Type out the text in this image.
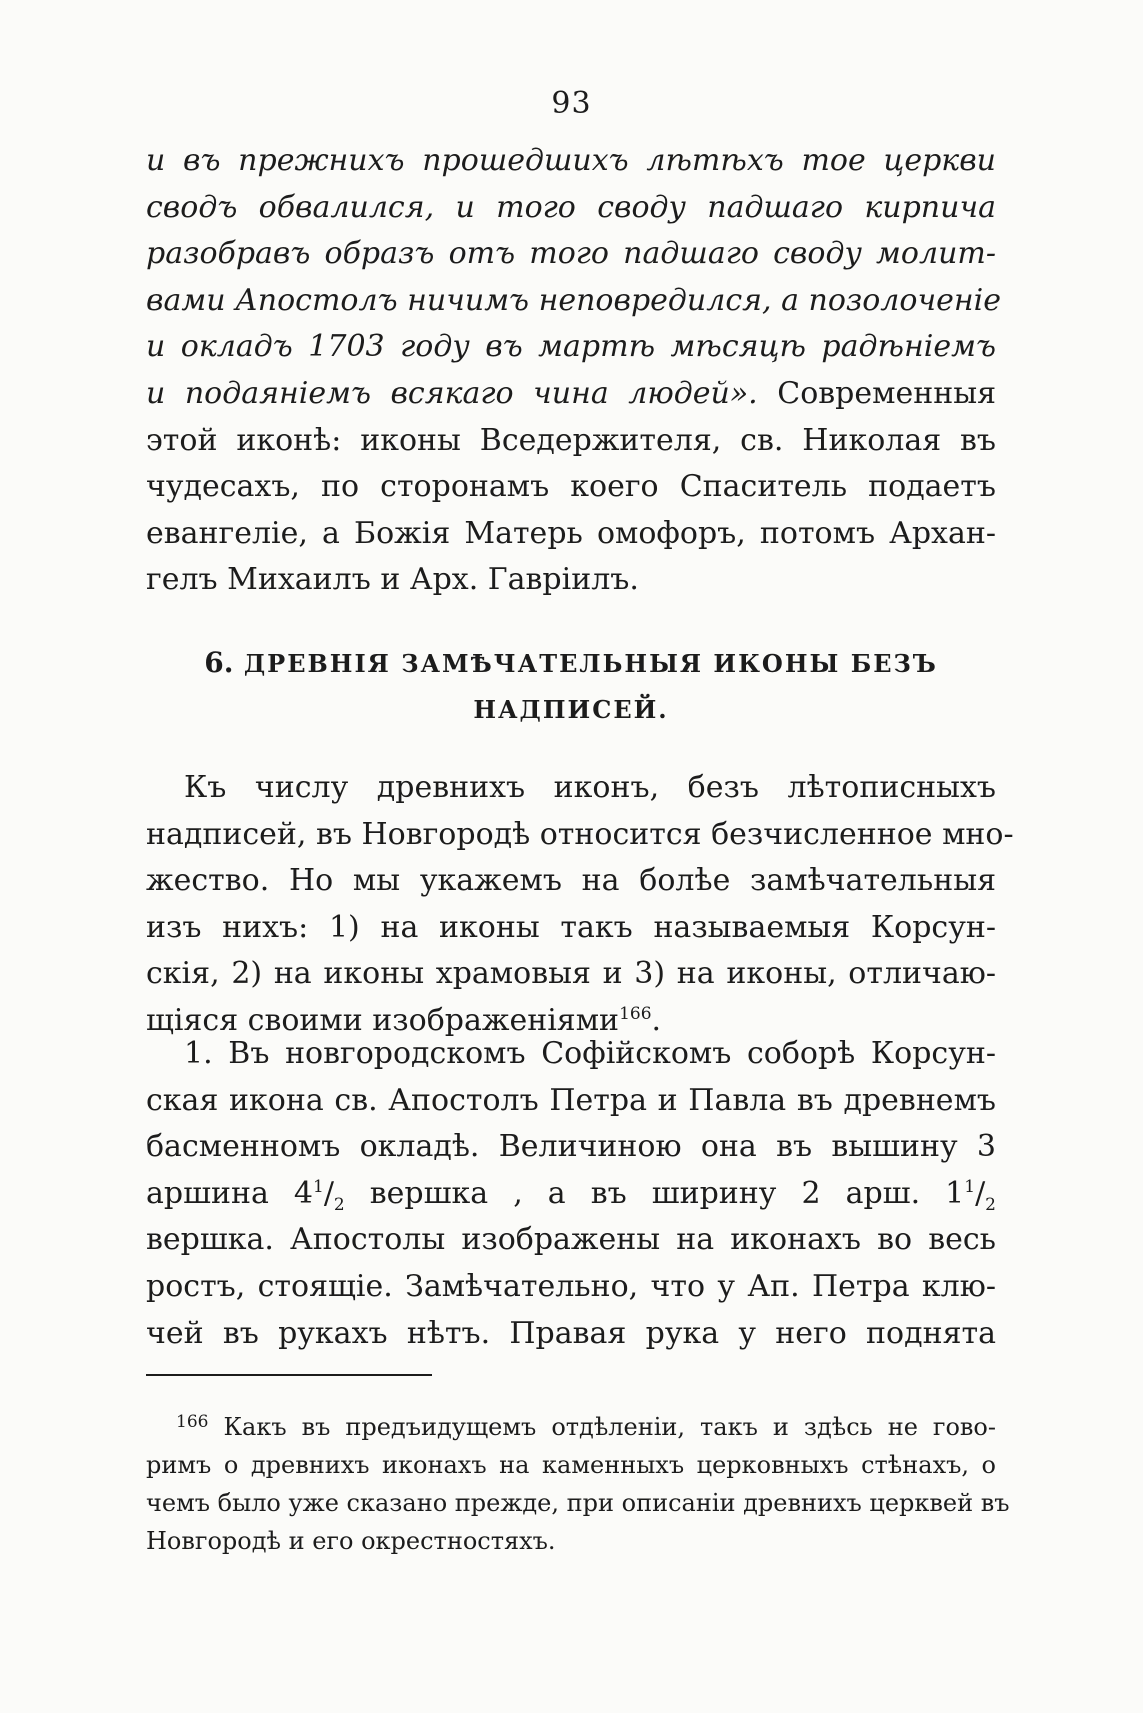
93
и въ прежнихъ прошедшихъ лѣтѣхъ тое церкви
сводъ обвалился, и того своду падшаго кирпича
разобравъ образъ отъ того падшаго своду молит-
вами Апостолъ ничимъ неповредился, а позолоченіе
и окладъ 1703 году въ мартѣ мѣсяцѣ радѣніемъ
и подаяніемъ всякаго чина людей». Современныя
этой иконѣ: иконы Вседержителя, св. Николая въ
чудесахъ, по сторонамъ коего Спаситель подаетъ
евангеліе, а Божія Матерь омофоръ, потомъ Архан-
гелъ Михаилъ и Арх. Гавріилъ.
6. ДРЕВНІЯ ЗАМѢЧАТЕЛЬНЫЯ ИКОНЫ БЕЗЪ
НАДПИСЕЙ.
Къ числу древнихъ иконъ, безъ лѣтописныхъ
надписей, въ Новгородѣ относится безчисленное мно-
жество. Но мы укажемъ на болѣе замѣчательныя
изъ нихъ: 1) на иконы такъ называемыя Корсун-
скія, 2) на иконы храмовыя и 3) на иконы, отличаю-
щіяся своими изображеніями$^{166}$.
1. Въ новгородскомъ Софійскомъ соборѣ Корсун-
ская икона св. Апостолъ Петра и Павла въ древнемъ
басменномъ окладѣ. Величиною она въ вышину 3
аршина $4^1/_2$ вершка , а въ ширину 2 арш. $1^1/_2$
вершка. Апостолы изображены на иконахъ во весь
ростъ, стоящіе. Замѣчательно, что у Ап. Петра клю-
чей въ рукахъ нѣтъ. Правая рука у него поднята
$^{166}$ Какъ въ предъидущемъ отдѣленіи, такъ и здѣсь не гово-
римъ о древнихъ иконахъ на каменныхъ церковныхъ стѣнахъ, о
чемъ было уже сказано прежде, при описаніи древнихъ церквей въ
Новгородѣ и его окрестностяхъ.
